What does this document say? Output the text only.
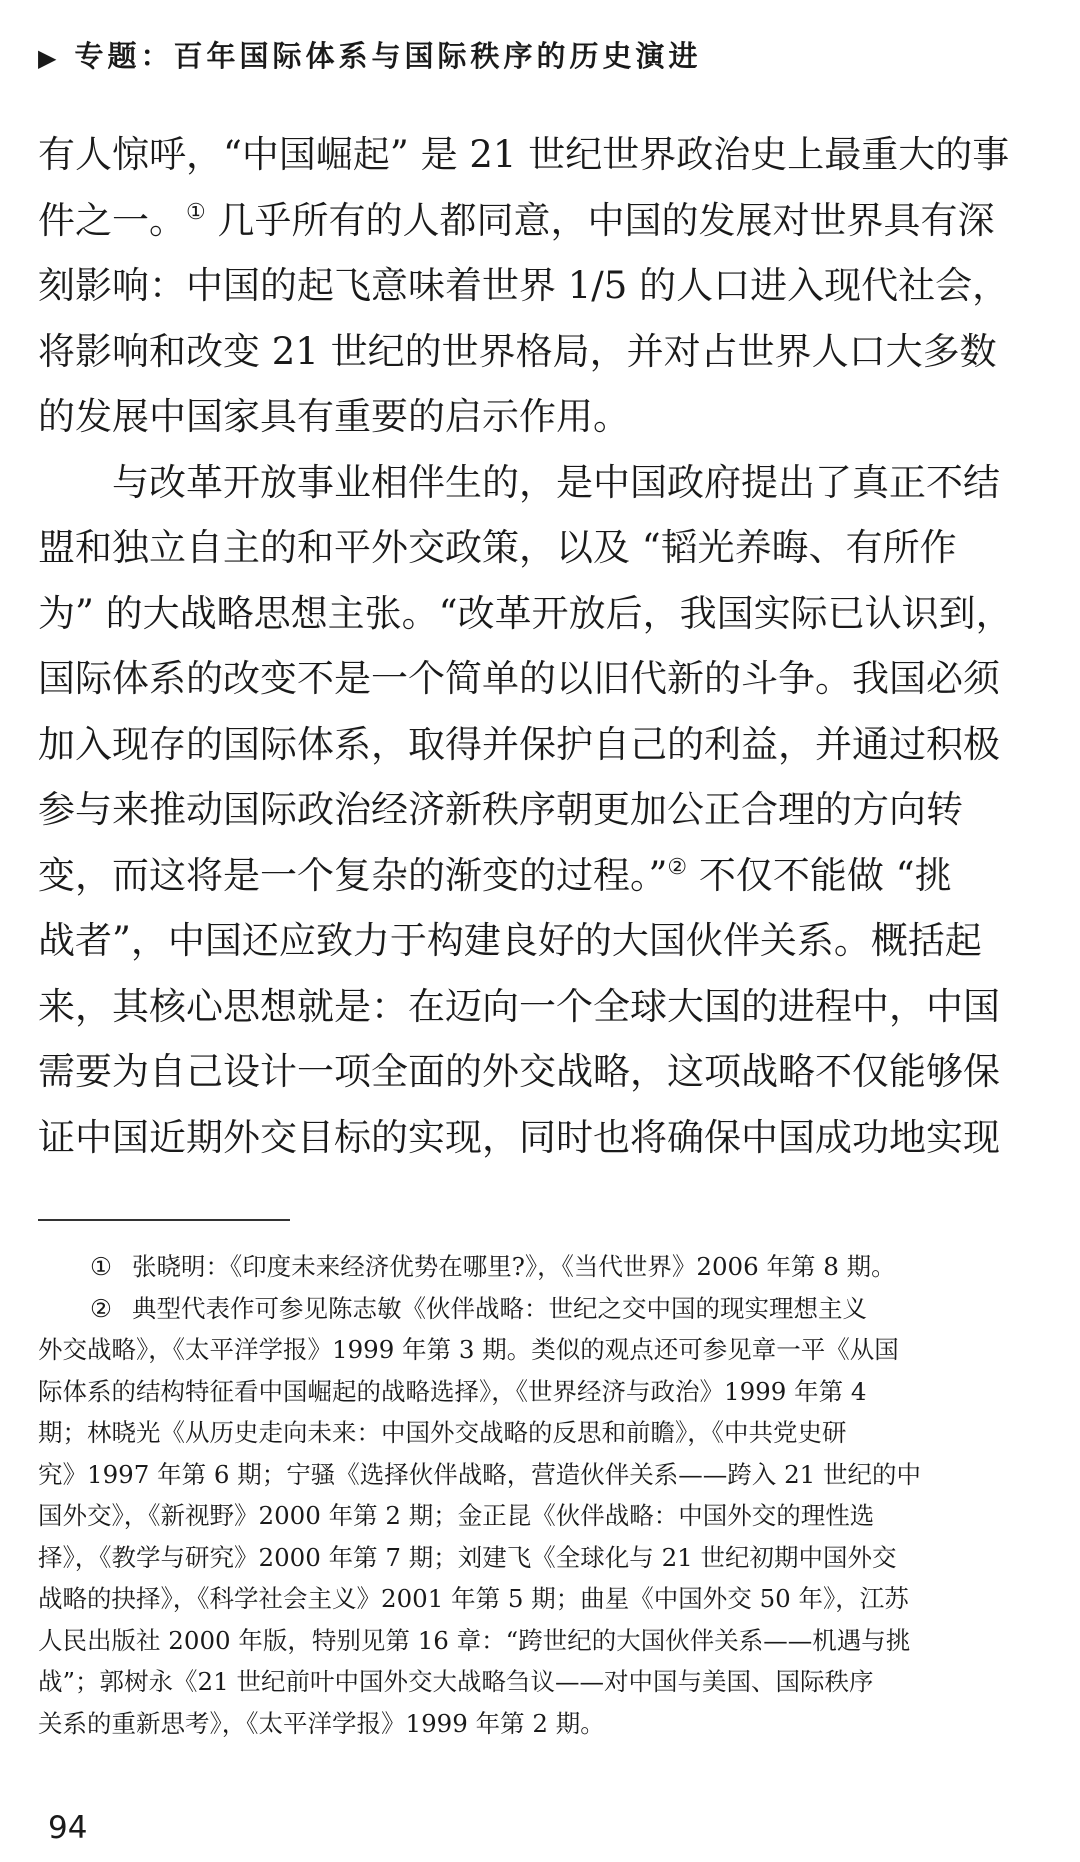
▶ 专题：百年国际体系与国际秩序的历史演进
有人惊呼，“中国崛起” 是 21 世纪世界政治史上最重大的事
件之一。① 几乎所有的人都同意，中国的发展对世界具有深
刻影响：中国的起飞意味着世界 1/5 的人口进入现代社会，
将影响和改变 21 世纪的世界格局，并对占世界人口大多数
的发展中国家具有重要的启示作用。
与改革开放事业相伴生的，是中国政府提出了真正不结
盟和独立自主的和平外交政策，以及 “韬光养晦、有所作
为” 的大战略思想主张。“改革开放后，我国实际已认识到，
国际体系的改变不是一个简单的以旧代新的斗争。我国必须
加入现存的国际体系，取得并保护自己的利益，并通过积极
参与来推动国际政治经济新秩序朝更加公正合理的方向转
变，而这将是一个复杂的渐变的过程。”② 不仅不能做 “挑
战者”，中国还应致力于构建良好的大国伙伴关系。概括起
来，其核心思想就是：在迈向一个全球大国的进程中，中国
需要为自己设计一项全面的外交战略，这项战略不仅能够保
证中国近期外交目标的实现，同时也将确保中国成功地实现
① 张晓明：《印度未来经济优势在哪里?》，《当代世界》2006 年第 8 期。
② 典型代表作可参见陈志敏《伙伴战略：世纪之交中国的现实理想主义
外交战略》，《太平洋学报》1999 年第 3 期。类似的观点还可参见章一平《从国
际体系的结构特征看中国崛起的战略选择》，《世界经济与政治》1999 年第 4
期；林晓光《从历史走向未来：中国外交战略的反思和前瞻》，《中共党史研
究》1997 年第 6 期；宁骚《选择伙伴战略，营造伙伴关系——跨入 21 世纪的中
国外交》，《新视野》2000 年第 2 期；金正昆《伙伴战略：中国外交的理性选
择》，《教学与研究》2000 年第 7 期；刘建飞《全球化与 21 世纪初期中国外交
战略的抉择》，《科学社会主义》2001 年第 5 期；曲星《中国外交 50 年》，江苏
人民出版社 2000 年版，特别见第 16 章：“跨世纪的大国伙伴关系——机遇与挑
战”；郭树永《21 世纪前叶中国外交大战略刍议——对中国与美国、国际秩序
关系的重新思考》，《太平洋学报》1999 年第 2 期。
94
